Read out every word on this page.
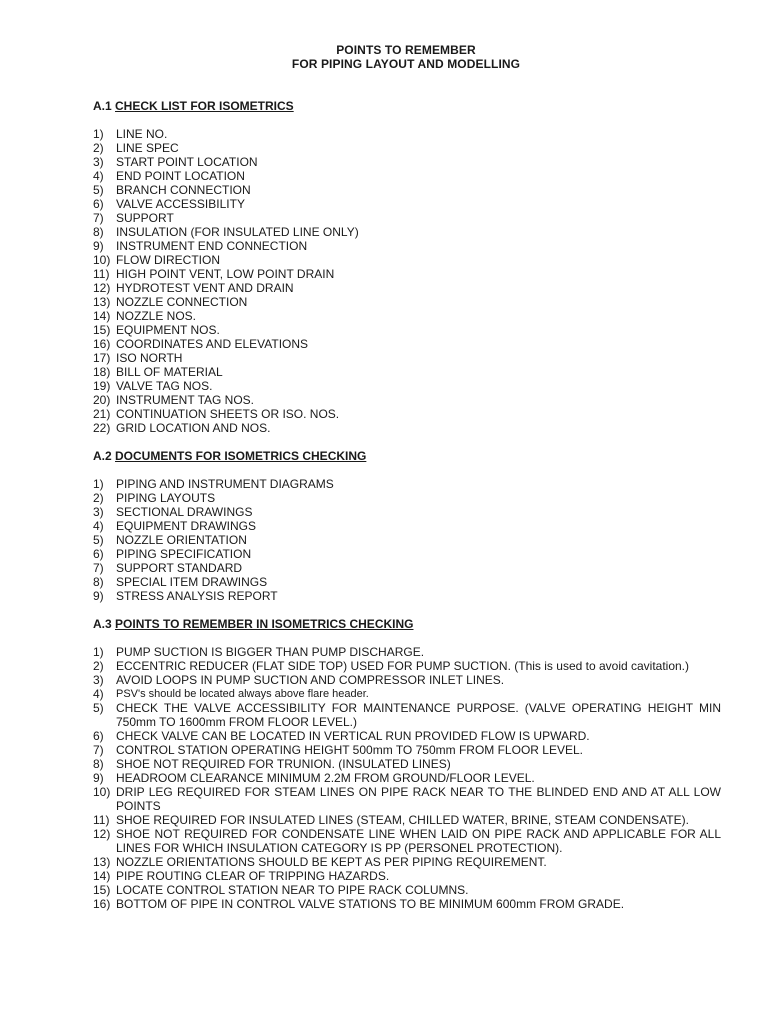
POINTS TO REMEMBER
FOR PIPING LAYOUT AND MODELLING
A.1 CHECK LIST FOR ISOMETRICS
1)	LINE NO.
2)	LINE SPEC
3)	START POINT LOCATION
4)	END POINT LOCATION
5)	BRANCH CONNECTION
6)	VALVE ACCESSIBILITY
7)	SUPPORT
8)	INSULATION (FOR INSULATED LINE ONLY)
9)	INSTRUMENT END CONNECTION
10) FLOW DIRECTION
11) HIGH POINT VENT, LOW POINT DRAIN
12) HYDROTEST VENT AND DRAIN
13) NOZZLE CONNECTION
14) NOZZLE NOS.
15) EQUIPMENT NOS.
16) COORDINATES AND ELEVATIONS
17) ISO NORTH
18) BILL OF MATERIAL
19) VALVE TAG NOS.
20) INSTRUMENT TAG NOS.
21) CONTINUATION SHEETS OR ISO. NOS.
22) GRID LOCATION AND NOS.
A.2 DOCUMENTS FOR ISOMETRICS CHECKING
1)	PIPING AND INSTRUMENT DIAGRAMS
2)	PIPING LAYOUTS
3)	SECTIONAL DRAWINGS
4)	EQUIPMENT DRAWINGS
5)	NOZZLE ORIENTATION
6)	PIPING SPECIFICATION
7)	SUPPORT STANDARD
8)	SPECIAL ITEM DRAWINGS
9)	STRESS ANALYSIS REPORT
A.3 POINTS TO REMEMBER IN ISOMETRICS CHECKING
1)	PUMP SUCTION IS BIGGER THAN PUMP DISCHARGE.
2)	ECCENTRIC REDUCER (FLAT SIDE TOP) USED FOR PUMP SUCTION. (This is used to avoid cavitation.)
3)	AVOID LOOPS IN PUMP SUCTION AND COMPRESSOR INLET LINES.
4)	PSV's should be located always above flare header.
5)	CHECK THE VALVE ACCESSIBILITY FOR MAINTENANCE PURPOSE. (VALVE OPERATING HEIGHT MIN 750mm TO 1600mm FROM FLOOR LEVEL.)
6)	CHECK VALVE CAN BE LOCATED IN VERTICAL RUN PROVIDED FLOW IS UPWARD.
7)	CONTROL STATION OPERATING HEIGHT 500mm TO 750mm FROM FLOOR LEVEL.
8)	SHOE NOT REQUIRED FOR TRUNION. (INSULATED LINES)
9)	HEADROOM CLEARANCE MINIMUM 2.2M FROM GROUND/FLOOR LEVEL.
10) DRIP LEG REQUIRED FOR STEAM LINES ON PIPE RACK NEAR TO THE BLINDED END AND AT ALL LOW POINTS
11) SHOE REQUIRED FOR INSULATED LINES (STEAM, CHILLED WATER, BRINE, STEAM CONDENSATE).
12) SHOE NOT REQUIRED FOR CONDENSATE LINE WHEN LAID ON PIPE RACK AND APPLICABLE FOR ALL LINES FOR WHICH INSULATION CATEGORY IS PP (PERSONEL PROTECTION).
13) NOZZLE ORIENTATIONS SHOULD BE KEPT AS PER PIPING REQUIREMENT.
14) PIPE ROUTING CLEAR OF TRIPPING HAZARDS.
15) LOCATE CONTROL STATION NEAR TO PIPE RACK COLUMNS.
16) BOTTOM OF PIPE IN CONTROL VALVE STATIONS TO BE MINIMUM 600mm FROM GRADE.
